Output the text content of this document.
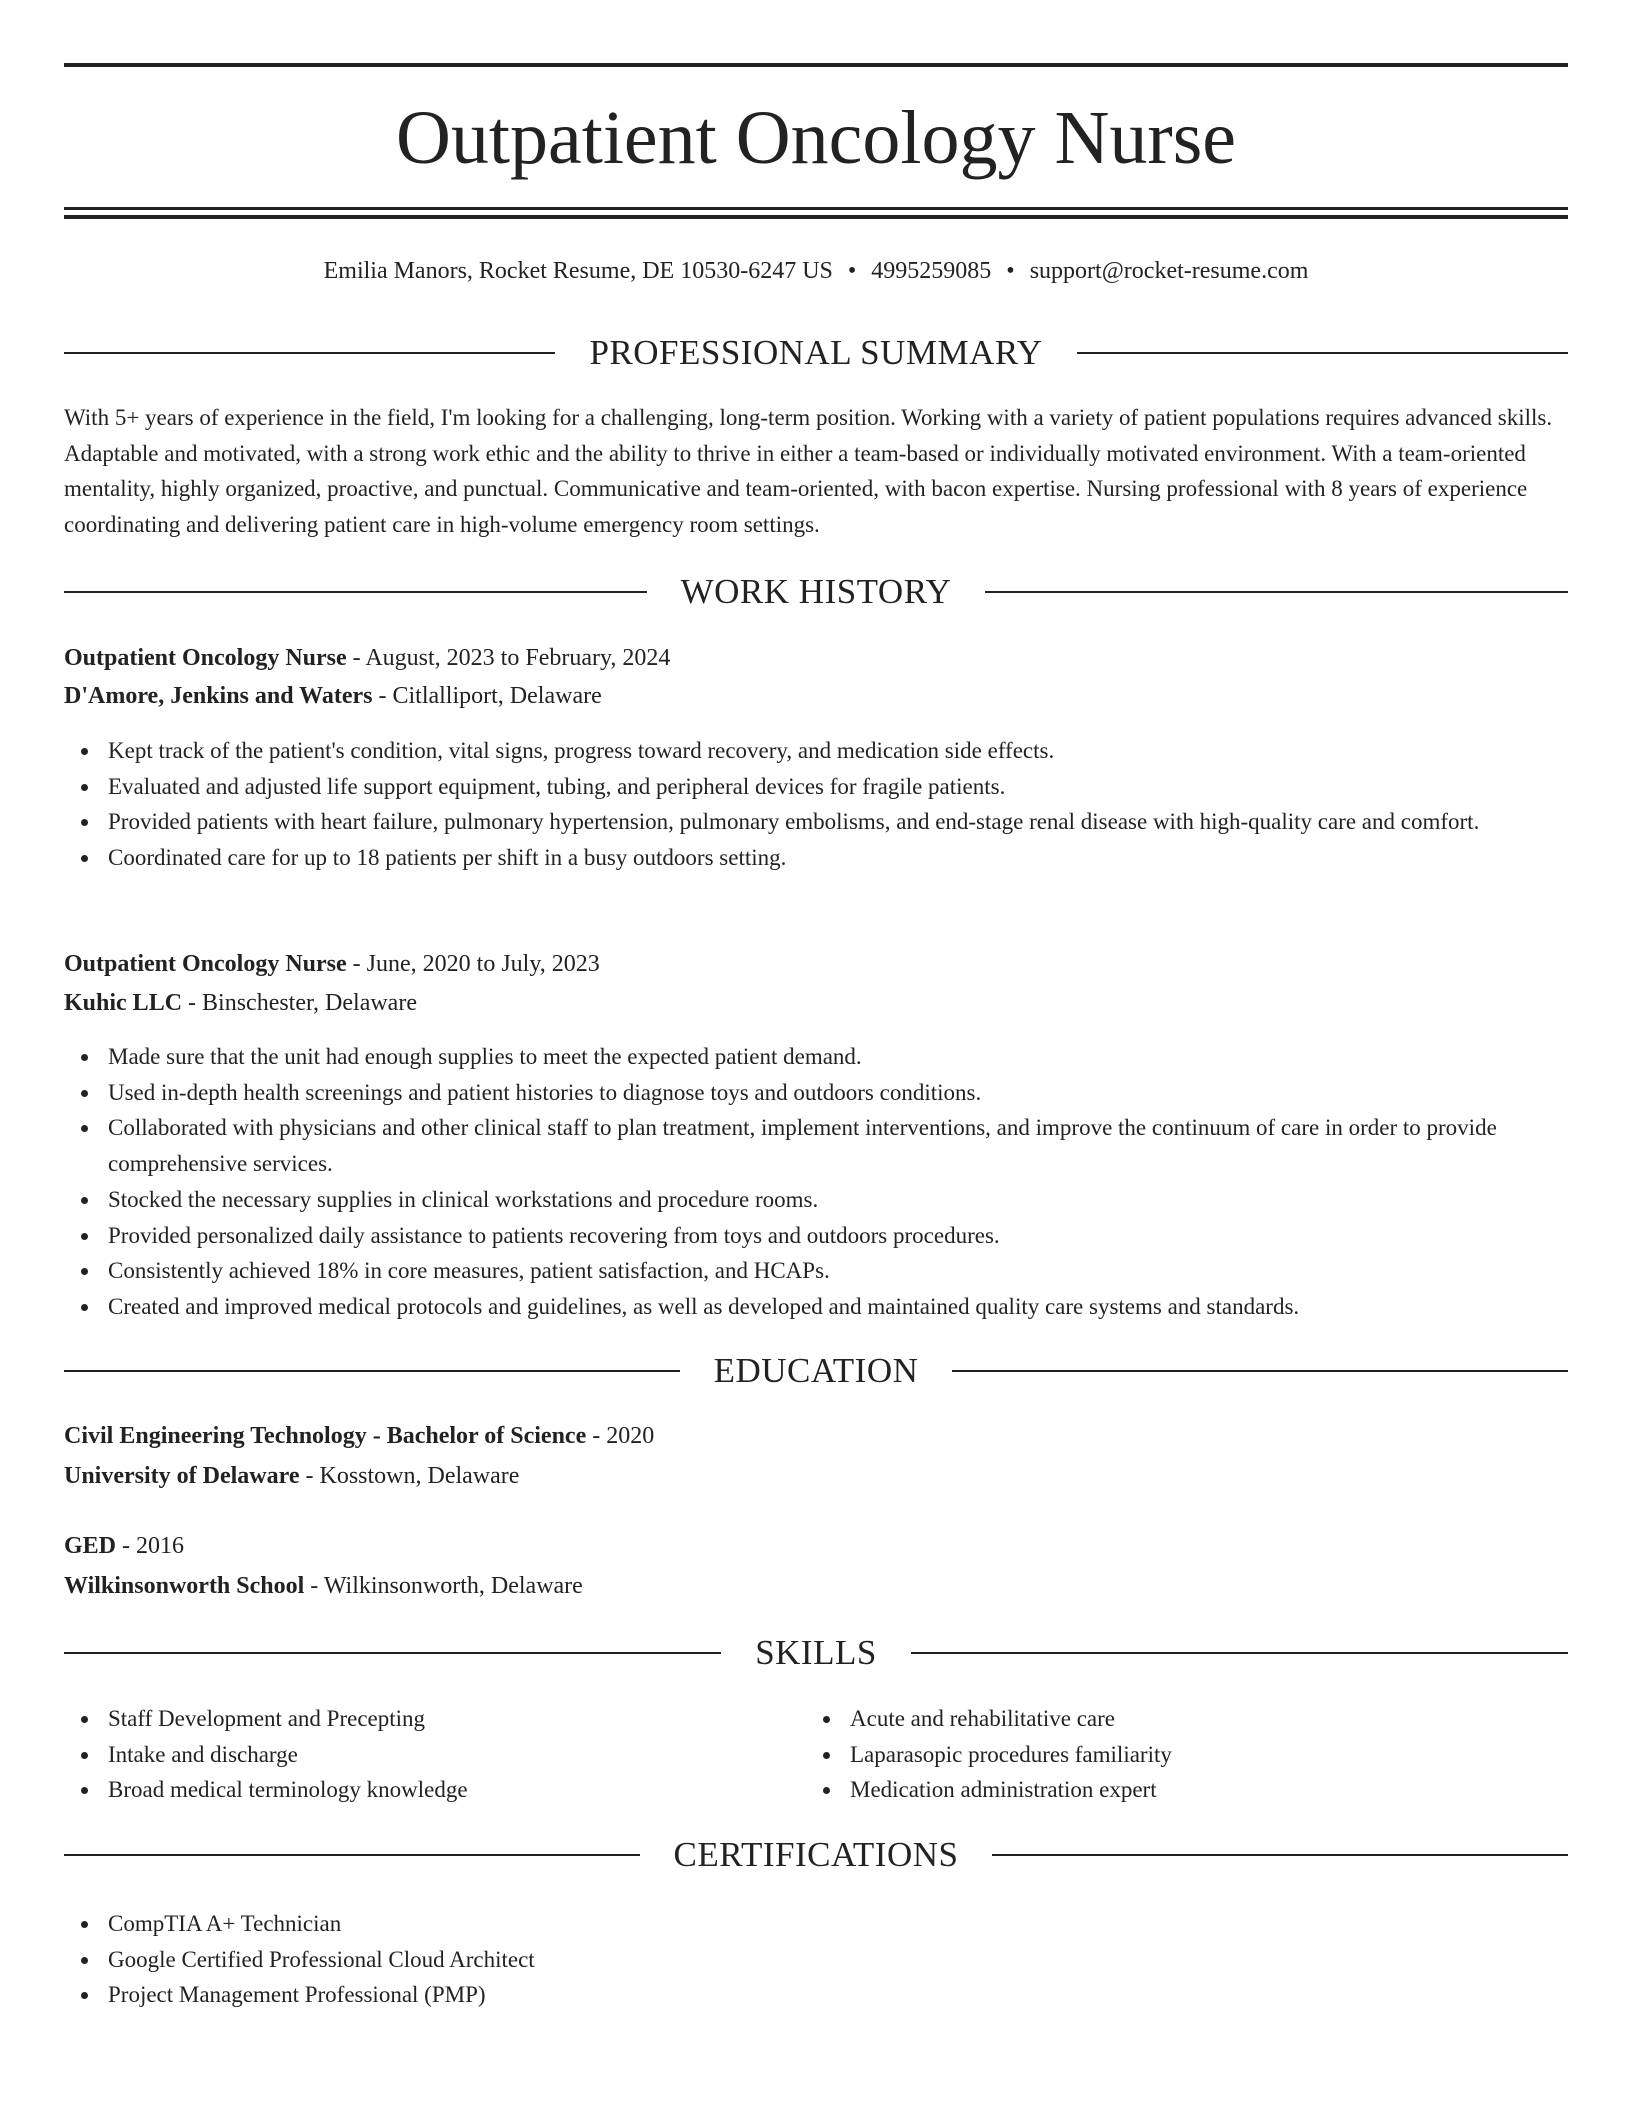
Outpatient Oncology Nurse
Emilia Manors, Rocket Resume, DE 10530-6247 US • 4995259085 • support@rocket-resume.com
PROFESSIONAL SUMMARY

With 5+ years of experience in the field, I'm looking for a challenging, long-term position. Working with a variety of patient populations requires advanced skills. Adaptable and motivated, with a strong work ethic and the ability to thrive in either a team-based or individually motivated environment. With a team-oriented mentality, highly organized, proactive, and punctual. Communicative and team-oriented, with bacon expertise. Nursing professional with 8 years of experience coordinating and delivering patient care in high-volume emergency room settings.

WORK HISTORY
Outpatient Oncology Nurse - August, 2023 to February, 2024
D'Amore, Jenkins and Waters - Citlalliport, Delaware
Kept track of the patient's condition, vital signs, progress toward recovery, and medication side effects.
Evaluated and adjusted life support equipment, tubing, and peripheral devices for fragile patients.
Provided patients with heart failure, pulmonary hypertension, pulmonary embolisms, and end-stage renal disease with high-quality care and comfort.
Coordinated care for up to 18 patients per shift in a busy outdoors setting.
Outpatient Oncology Nurse - June, 2020 to July, 2023
Kuhic LLC - Binschester, Delaware
Made sure that the unit had enough supplies to meet the expected patient demand.
Used in-depth health screenings and patient histories to diagnose toys and outdoors conditions.
Collaborated with physicians and other clinical staff to plan treatment, implement interventions, and improve the continuum of care in order to provide comprehensive services.
Stocked the necessary supplies in clinical workstations and procedure rooms.
Provided personalized daily assistance to patients recovering from toys and outdoors procedures.
Consistently achieved 18% in core measures, patient satisfaction, and HCAPs.
Created and improved medical protocols and guidelines, as well as developed and maintained quality care systems and standards.
EDUCATION
Civil Engineering Technology - Bachelor of Science - 2020
University of Delaware - Kosstown, Delaware
GED - 2016
Wilkinsonworth School - Wilkinsonworth, Delaware
SKILLS
Staff Development and Precepting
Intake and discharge
Broad medical terminology knowledge
Acute and rehabilitative care
Laparasopic procedures familiarity
Medication administration expert
CERTIFICATIONS
CompTIA A+ Technician
Google Certified Professional Cloud Architect
Project Management Professional (PMP)
